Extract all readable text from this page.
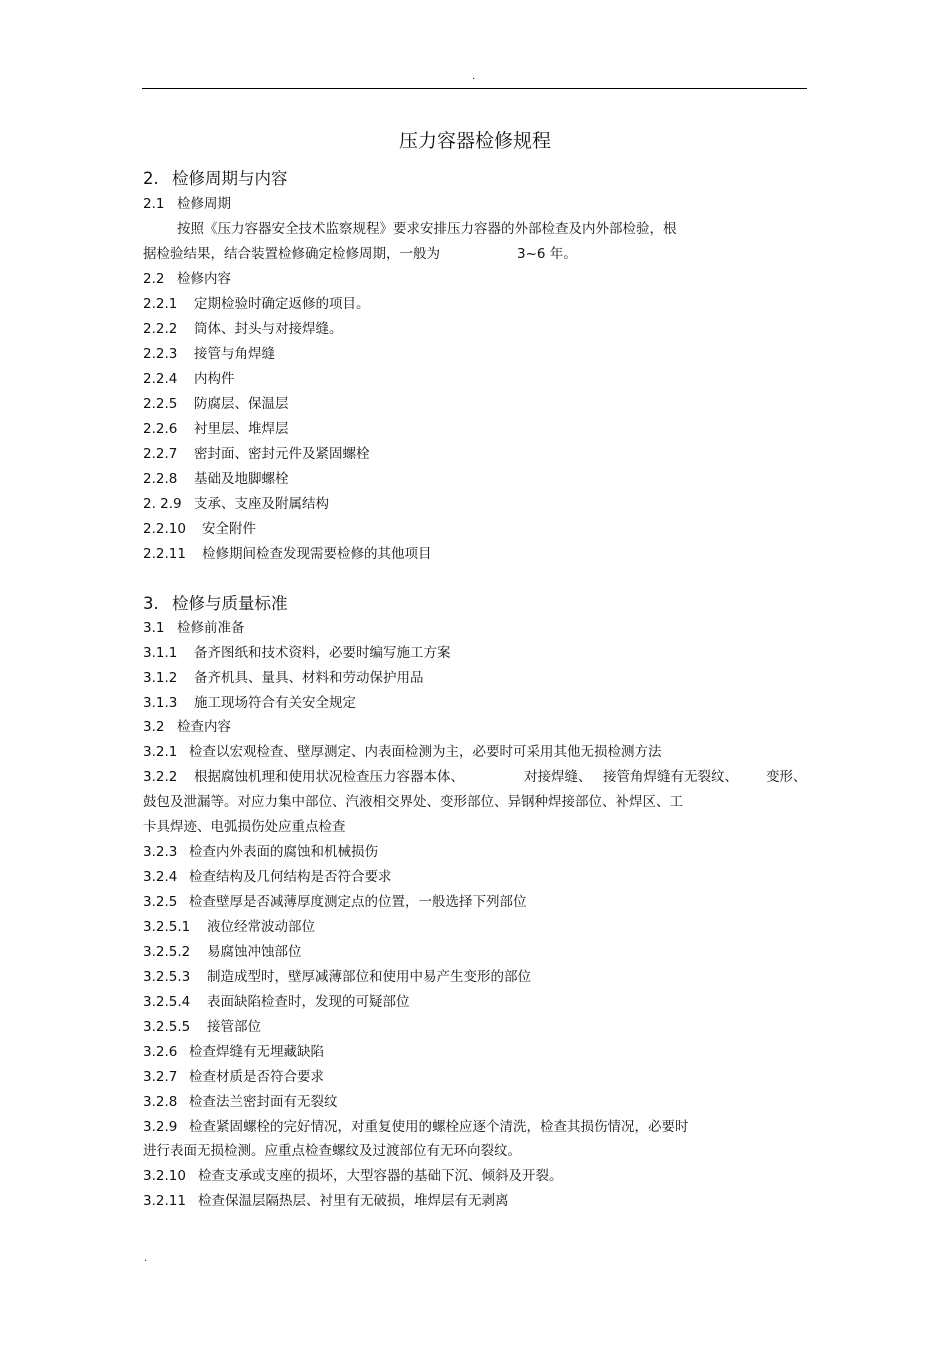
.
压力容器检修规程
2. 检修周期与内容
2.1 检修周期
按照《压力容器安全技术监察规程》要求安排压力容器的外部检查及内外部检验，根
据检验结果，结合装置检修确定检修周期，一般为	3~6 年。
2.2 检修内容
2.2.1 定期检验时确定返修的项目。
2.2.2 筒体、封头与对接焊缝。
2.2.3 接管与角焊缝
2.2.4 内构件
2.2.5 防腐层、保温层
2.2.6 衬里层、堆焊层
2.2.7 密封面、密封元件及紧固螺栓
2.2.8 基础及地脚螺栓
2. 2.9 支承、支座及附属结构
2.2.10 安全附件
2.2.11 检修期间检查发现需要检修的其他项目
3. 检修与质量标准
3.1 检修前准备
3.1.1 备齐图纸和技术资料，必要时编写施工方案
3.1.2 备齐机具、量具、材料和劳动保护用品
3.1.3 施工现场符合有关安全规定
3.2 检查内容
3.2.1 检查以宏观检查、壁厚测定、内表面检测为主，必要时可采用其他无损检测方法
3.2.2 根据腐蚀机理和使用状况检查压力容器本体、	对接焊缝、 接管角焊缝有无裂纹、 变形、
鼓包及泄漏等。对应力集中部位、汽液相交界处、变形部位、异钢种焊接部位、补焊区、工
卡具焊迹、电弧损伤处应重点检查
3.2.3 检查内外表面的腐蚀和机械损伤
3.2.4 检查结构及几何结构是否符合要求
3.2.5 检查壁厚是否减薄厚度测定点的位置，一般选择下列部位
3.2.5.1 液位经常波动部位
3.2.5.2 易腐蚀冲蚀部位
3.2.5.3 制造成型时，壁厚减薄部位和使用中易产生变形的部位
3.2.5.4 表面缺陷检查时，发现的可疑部位
3.2.5.5 接管部位
3.2.6 检查焊缝有无埋藏缺陷
3.2.7 检查材质是否符合要求
3.2.8 检查法兰密封面有无裂纹
3.2.9 检查紧固螺栓的完好情况，对重复使用的螺栓应逐个清洗，检查其损伤情况，必要时
进行表面无损检测。应重点检查螺纹及过渡部位有无环向裂纹。
3.2.10 检查支承或支座的损坏，大型容器的基础下沉、倾斜及开裂。
3.2.11 检查保温层隔热层、衬里有无破损，堆焊层有无剥离
.
